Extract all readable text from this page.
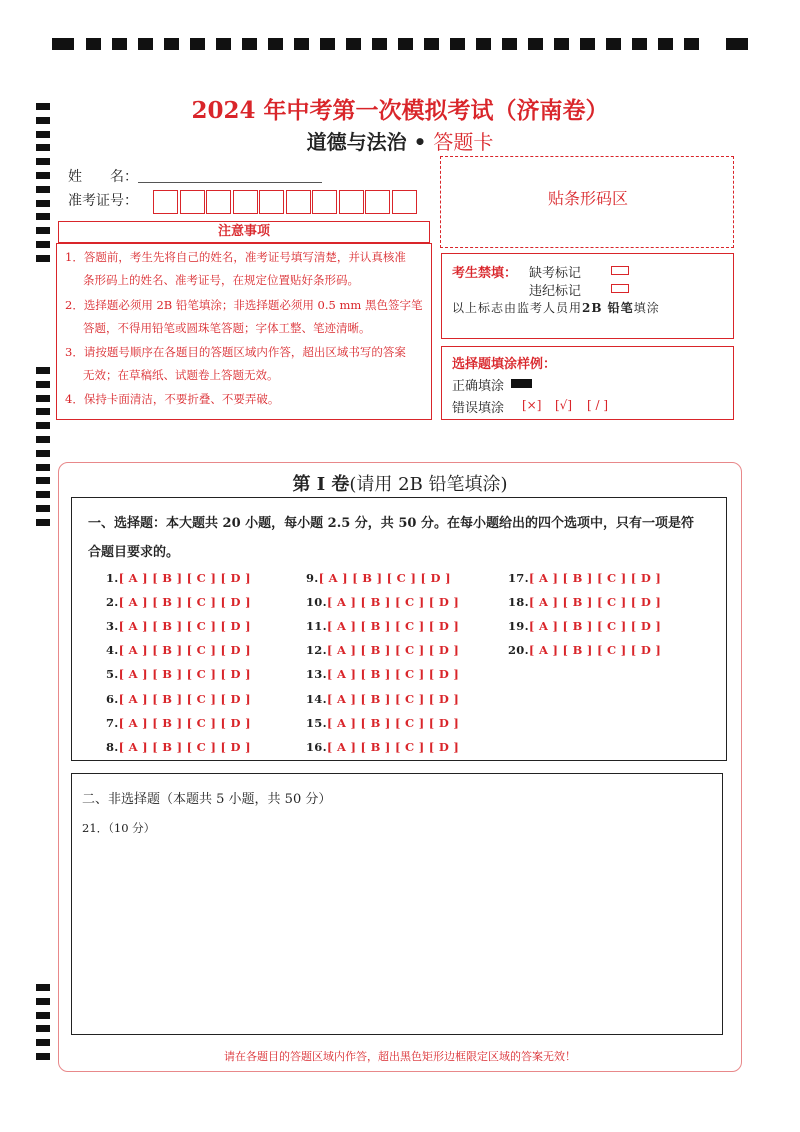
2024 年中考第一次模拟考试（济南卷）
道德与法治 • 答题卡
姓　　名：
准考证号：	贴条形码区
注意事项
1．答题前，考生先将自己的姓名，准考证号填写清楚，并认真核准
条形码上的姓名、准考证号，在规定位置贴好条形码。
2．选择题必须用 2B 铅笔填涂；非选择题必须用 0.5 mm 黑色签字笔
答题，不得用铅笔或圆珠笔答题；字体工整、笔迹清晰。
3．请按题号顺序在各题目的答题区域内作答，超出区域书写的答案
无效；在草稿纸、试题卷上答题无效。
4．保持卡面清洁，不要折叠、不要弄破。
考生禁填： 缺考标记
违纪标记
以上标志由监考人员用2B 铅笔填涂
选择题填涂样例：
正确填涂
错误填涂 [×] [√] [ / ]
第 I 卷(请用 2B 铅笔填涂)
一、选择题：本大题共 20 小题，每小题 2.5 分，共 50 分。在每小题给出的四个选项中，只有一项是符
合题目要求的。
1.[ A ] [ B ] [ C ] [ D ]
2.[ A ] [ B ] [ C ] [ D ]
3.[ A ] [ B ] [ C ] [ D ]
4.[ A ] [ B ] [ C ] [ D ]
5.[ A ] [ B ] [ C ] [ D ]
6.[ A ] [ B ] [ C ] [ D ]
7.[ A ] [ B ] [ C ] [ D ]
8.[ A ] [ B ] [ C ] [ D ]
9.[ A ] [ B ] [ C ] [ D ]
10.[ A ] [ B ] [ C ] [ D ]
11.[ A ] [ B ] [ C ] [ D ]
12.[ A ] [ B ] [ C ] [ D ]
13.[ A ] [ B ] [ C ] [ D ]
14.[ A ] [ B ] [ C ] [ D ]
15.[ A ] [ B ] [ C ] [ D ]
16.[ A ] [ B ] [ C ] [ D ]
17.[ A ] [ B ] [ C ] [ D ]
18.[ A ] [ B ] [ C ] [ D ]
19.[ A ] [ B ] [ C ] [ D ]
20.[ A ] [ B ] [ C ] [ D ]
二、非选择题（本题共 5 小题，共 50 分）
21．（10 分）
请在各题目的答题区域内作答，超出黑色矩形边框限定区域的答案无效！
